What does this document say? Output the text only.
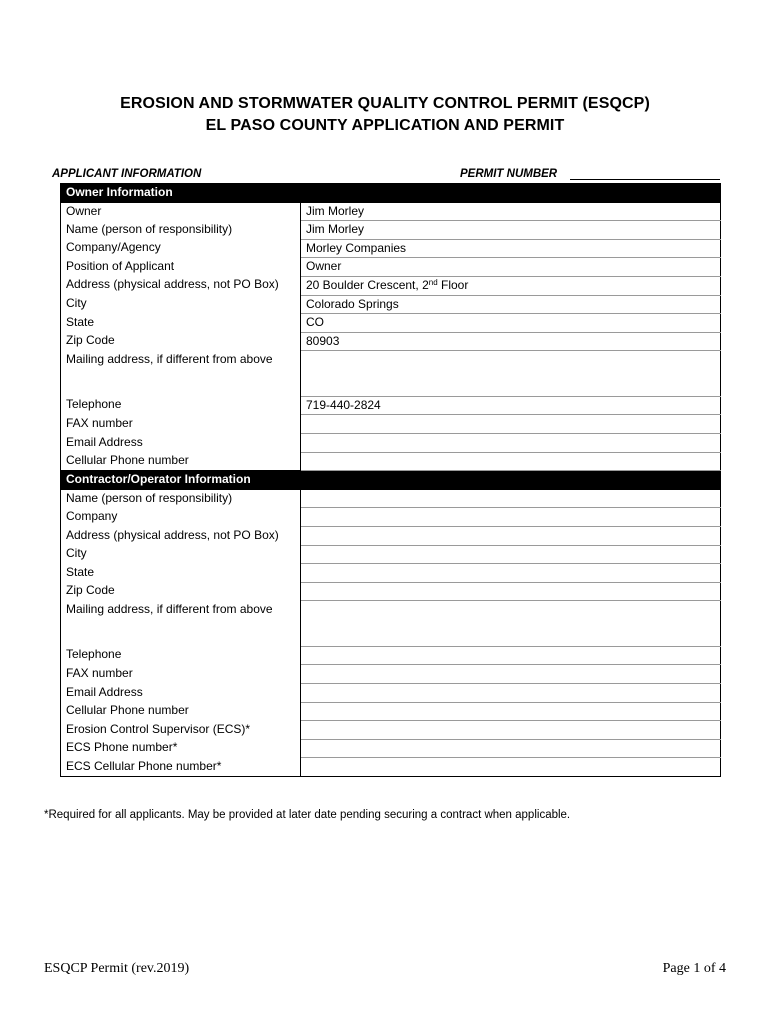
EROSION AND STORMWATER QUALITY CONTROL PERMIT (ESQCP)
EL PASO COUNTY APPLICATION AND PERMIT
APPLICANT INFORMATION	PERMIT NUMBER
Owner Information	
Owner	Jim Morley
Name (person of responsibility)	Jim Morley
Company/Agency	Morley Companies
Position of Applicant	Owner
Address (physical address, not PO Box)	20 Boulder Crescent, 2nd Floor
City	Colorado Springs
State	CO
Zip Code	80903
Mailing address, if different from above	
Telephone	719-440-2824
FAX number	
Email Address	
Cellular Phone number	
Contractor/Operator Information	
Name (person of responsibility)	
Company	
Address (physical address, not PO Box)	
City	
State	
Zip Code	
Mailing address, if different from above	
Telephone	
FAX number	
Email Address	
Cellular Phone number	
Erosion Control Supervisor (ECS)*	
ECS Phone number*	
ECS Cellular Phone number*	
*Required for all applicants. May be provided at later date pending securing a contract when applicable.
ESQCP Permit (rev.2019)	Page 1 of 4
